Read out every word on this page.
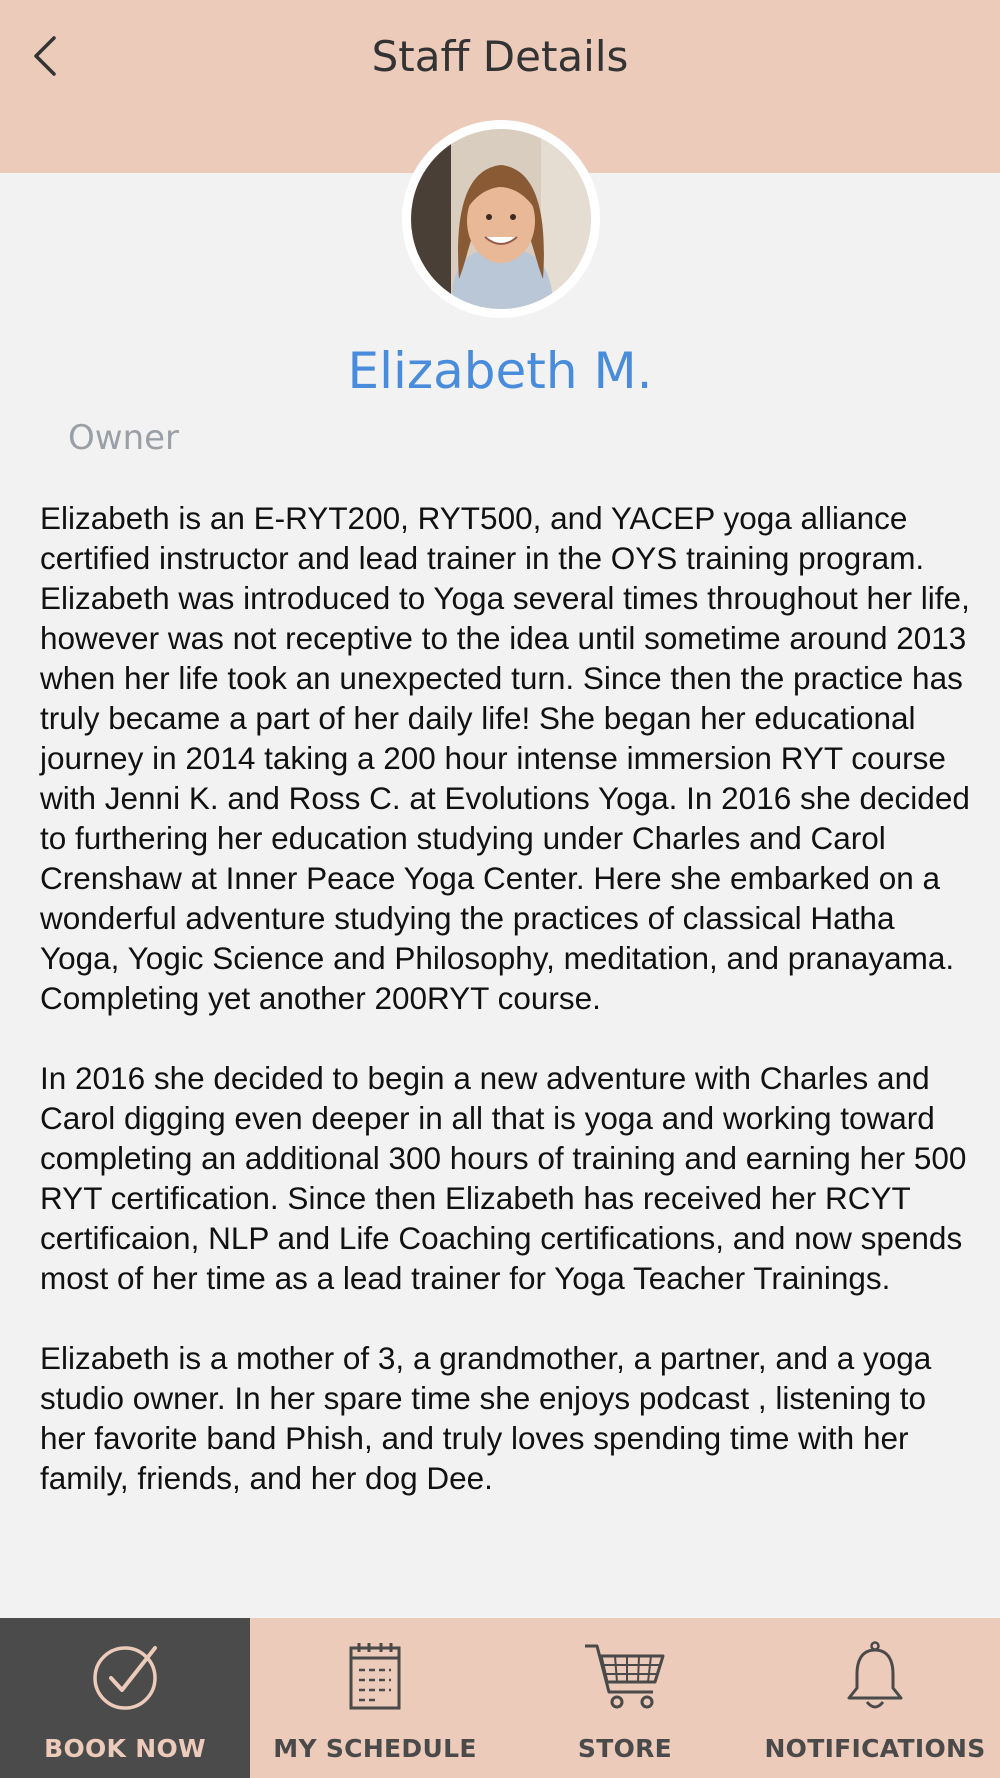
Staff Details
Elizabeth M.
Owner

Elizabeth is an E-RYT200, RYT500, and YACEP yoga alliance certified instructor and lead trainer in the OYS training program. Elizabeth was introduced to Yoga several times throughout her life, however was not receptive to the idea until sometime around 2013 when her life took an unexpected turn. Since then the practice has truly became a part of her daily life! She began her educational journey in 2014 taking a 200 hour intense immersion RYT course with Jenni K. and Ross C. at Evolutions Yoga. In 2016 she decided to furthering her education studying under Charles and Carol Crenshaw at Inner Peace Yoga Center. Here she embarked on a wonderful adventure studying the practices of classical Hatha Yoga, Yogic Science and Philosophy, meditation, and pranayama. Completing yet another 200RYT course.

In 2016 she decided to begin a new adventure with Charles and Carol digging even deeper in all that is yoga and working toward completing an additional 300 hours of training and earning her 500 RYT certification. Since then Elizabeth has received her RCYT certificaion, NLP and Life Coaching certifications, and now spends most of her time as a lead trainer for Yoga Teacher Trainings.

Elizabeth is a mother of 3, a grandmother, a partner, and a yoga studio owner. In her spare time she enjoys podcast , listening to her favorite band Phish, and truly loves spending time with her family, friends, and her dog Dee.

BOOK NOW	MY SCHEDULE	STORE	NOTIFICATIONS
